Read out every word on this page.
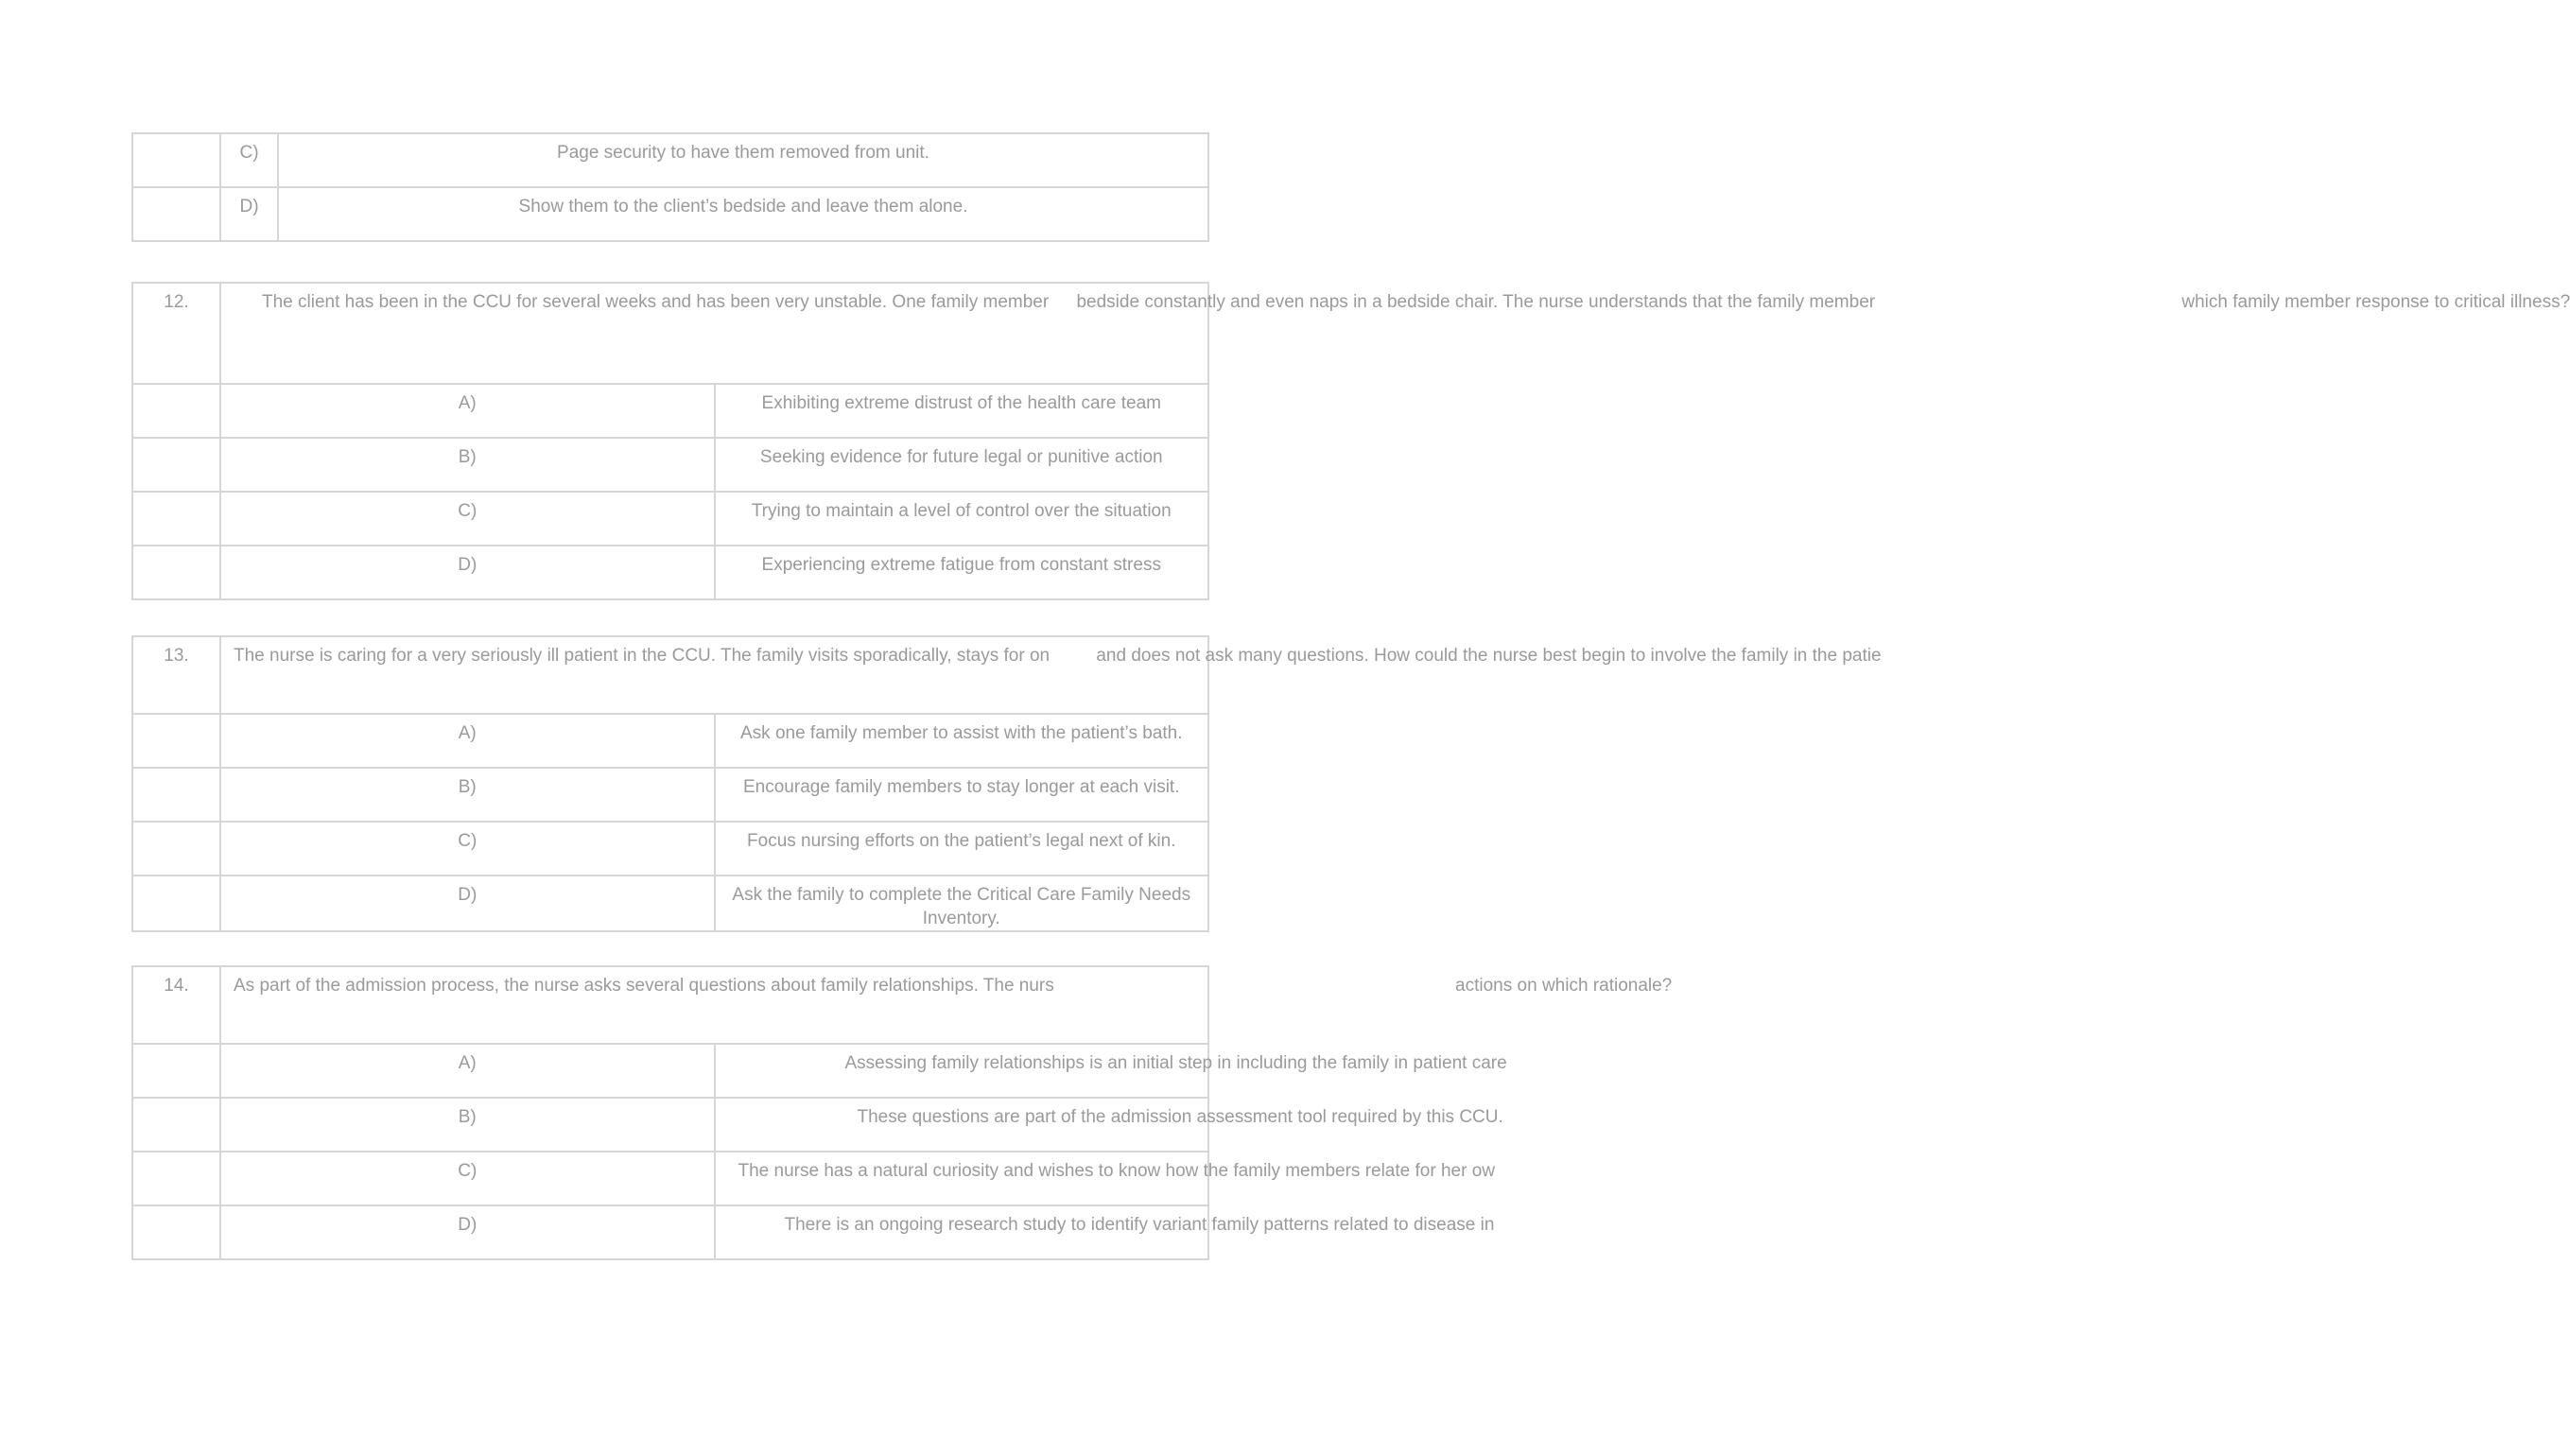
	C)	Page security to have them removed from unit.
	D)	Show them to the client’s bedside and leave them alone.
12.	The client has been in the CCU for several weeks and has been very unstable. One family member bedside constantly and even naps in a bedside chair. The nurse understands that the family member which family member response to critical illness?	
	A)	Exhibiting extreme distrust of the health care team
	B)	Seeking evidence for future legal or punitive action
	C)	Trying to maintain a level of control over the situation
	D)	Experiencing extreme fatigue from constant stress
13.	The nurse is caring for a very seriously ill patient in the CCU. The family visits sporadically, stays for on and does not ask many questions. How could the nurse best begin to involve the family in the patie	
	A)	Ask one family member to assist with the patient’s bath.
	B)	Encourage family members to stay longer at each visit.
	C)	Focus nursing efforts on the patient’s legal next of kin.
	D)	Ask the family to complete the Critical Care Family Needs Inventory.
14.	As part of the admission process, the nurse asks several questions about family relationships. The nurs actions on which rationale?	
	A)	Assessing family relationships is an initial step in including the family in patient care
	B)	These questions are part of the admission assessment tool required by this CCU.
	C)	The nurse has a natural curiosity and wishes to know how the family members relate for her ow
	D)	There is an ongoing research study to identify variant family patterns related to disease in
